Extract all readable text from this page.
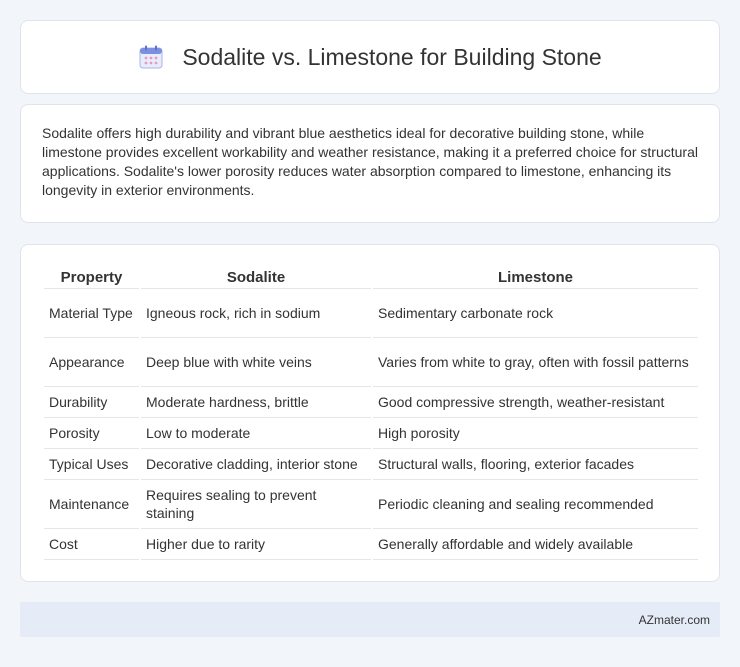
Sodalite vs. Limestone for Building Stone

Sodalite offers high durability and vibrant blue aesthetics ideal for decorative building stone, while limestone provides excellent workability and weather resistance, making it a preferred choice for structural applications. Sodalite's lower porosity reduces water absorption compared to limestone, enhancing its longevity in exterior environments.

Property	Sodalite	Limestone
Material Type	Igneous rock, rich in sodium	Sedimentary carbonate rock
Appearance	Deep blue with white veins	Varies from white to gray, often with fossil patterns
Durability	Moderate hardness, brittle	Good compressive strength, weather-resistant
Porosity	Low to moderate	High porosity
Typical Uses	Decorative cladding, interior stone	Structural walls, flooring, exterior facades
Maintenance	Requires sealing to prevent staining	Periodic cleaning and sealing recommended
Cost	Higher due to rarity	Generally affordable and widely available
AZmater.com
